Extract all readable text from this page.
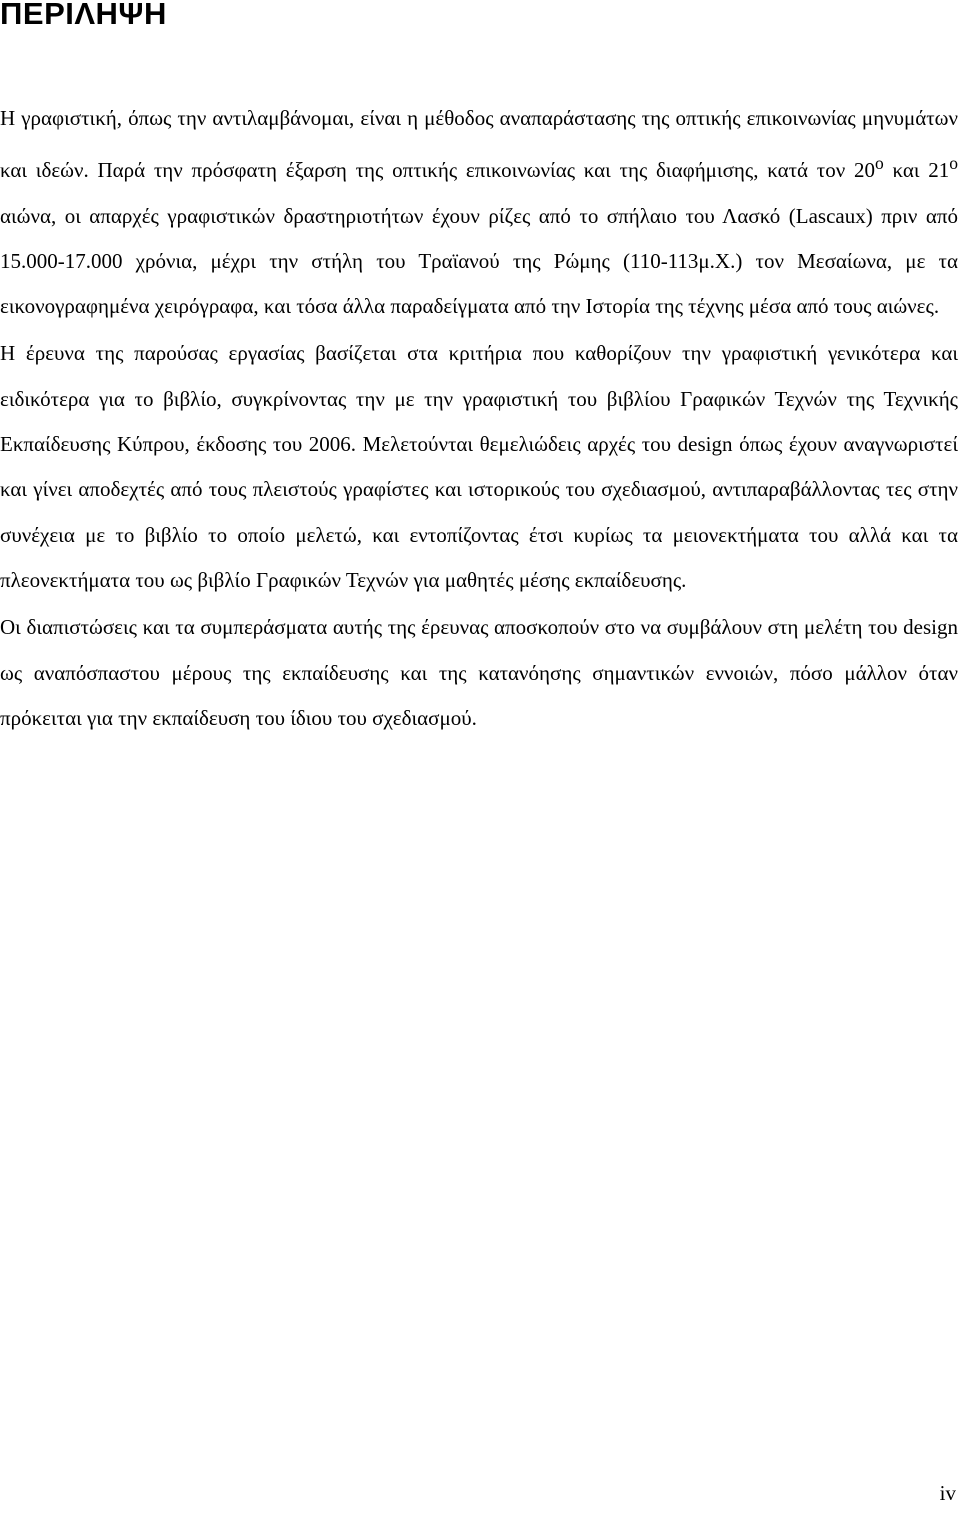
ΠΕΡΙΛΗΨΗ

Η γραφιστική, όπως την αντιλαμβάνομαι, είναι η μέθοδος αναπαράστασης της οπτικής επικοινωνίας μηνυμάτων και ιδεών. Παρά την πρόσφατη έξαρση της οπτικής επικοινωνίας και της διαφήμισης, κατά τον $20^o$ και $21^o$ αιώνα, οι απαρχές γραφιστικών δραστηριοτήτων έχουν ρίζες από το σπήλαιο του Λασκό (Lascaux) πριν από 15.000-17.000 χρόνια, μέχρι την στήλη του Τραϊανού της Ρώμης (110-113μ.Χ.) τον Μεσαίωνα, με τα εικονογραφημένα χειρόγραφα, και τόσα άλλα παραδείγματα από την Ιστορία της τέχνης μέσα από τους αιώνες.

Η έρευνα της παρούσας εργασίας βασίζεται στα κριτήρια που καθορίζουν την γραφιστική γενικότερα και ειδικότερα για το βιβλίο, συγκρίνοντας την με την γραφιστική του βιβλίου Γραφικών Τεχνών της Τεχνικής Εκπαίδευσης Κύπρου, έκδοσης του 2006. Μελετούνται θεμελιώδεις αρχές του design όπως έχουν αναγνωριστεί και γίνει αποδεχτές από τους πλειστούς γραφίστες και ιστορικούς του σχεδιασμού, αντιπαραβάλλοντας τες στην συνέχεια με το βιβλίο το οποίο μελετώ, και εντοπίζοντας έτσι κυρίως τα μειονεκτήματα του αλλά και τα πλεονεκτήματα του ως βιβλίο Γραφικών Τεχνών για μαθητές μέσης εκπαίδευσης.

Οι διαπιστώσεις και τα συμπεράσματα αυτής της έρευνας αποσκοπούν στο να συμβάλουν στη μελέτη του design ως αναπόσπαστου μέρους της εκπαίδευσης και της κατανόησης σημαντικών εννοιών, πόσο μάλλον όταν πρόκειται για την εκπαίδευση του ίδιου του σχεδιασμού.

iv
